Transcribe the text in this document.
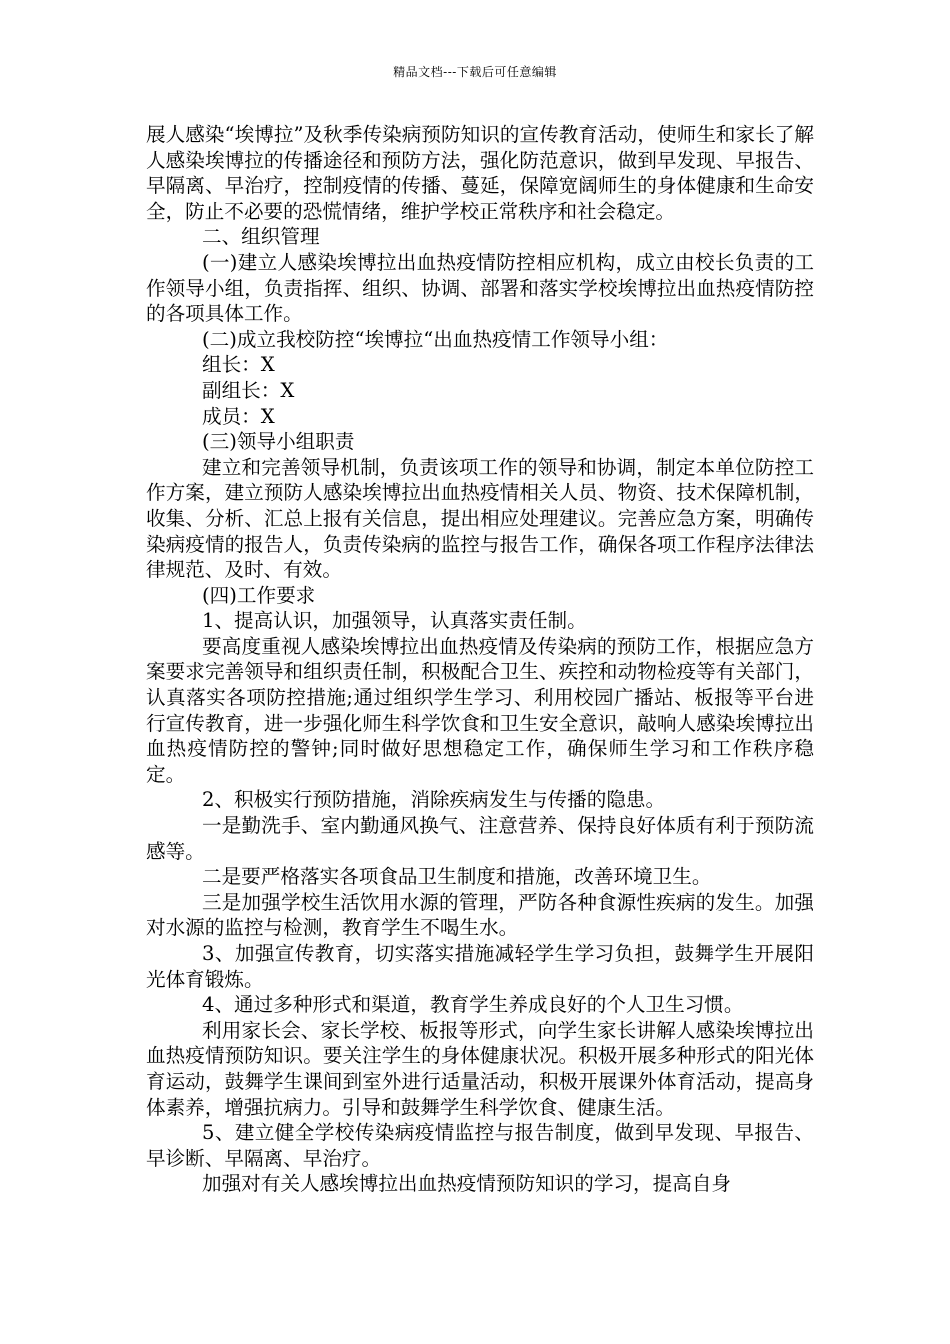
精品文档---下载后可任意编辑

展人感染“埃博拉”及秋季传染病预防知识的宣传教育活动，使师生和家长了解人感染埃博拉的传播途径和预防方法，强化防范意识，做到早发现、早报告、早隔离、早治疗，控制疫情的传播、蔓延，保障宽阔师生的身体健康和生命安全，防止不必要的恐慌情绪，维护学校正常秩序和社会稳定。

二、组织管理

(一)建立人感染埃博拉出血热疫情防控相应机构，成立由校长负责的工作领导小组，负责指挥、组织、协调、部署和落实学校埃博拉出血热疫情防控的各项具体工作。

(二)成立我校防控“埃博拉“出血热疫情工作领导小组：

组长：X

副组长：X

成员：X

(三)领导小组职责

建立和完善领导机制，负责该项工作的领导和协调，制定本单位防控工作方案，建立预防人感染埃博拉出血热疫情相关人员、物资、技术保障机制，收集、分析、汇总上报有关信息，提出相应处理建议。完善应急方案，明确传染病疫情的报告人，负责传染病的监控与报告工作，确保各项工作程序法律法律规范、及时、有效。

(四)工作要求

1、提高认识，加强领导，认真落实责任制。

要高度重视人感染埃博拉出血热疫情及传染病的预防工作，根据应急方案要求完善领导和组织责任制，积极配合卫生、疾控和动物检疫等有关部门，认真落实各项防控措施;通过组织学生学习、利用校园广播站、板报等平台进行宣传教育，进一步强化师生科学饮食和卫生安全意识，敲响人感染埃博拉出血热疫情防控的警钟;同时做好思想稳定工作，确保师生学习和工作秩序稳定。

2、积极实行预防措施，消除疾病发生与传播的隐患。

一是勤洗手、室内勤通风换气、注意营养、保持良好体质有利于预防流感等。

二是要严格落实各项食品卫生制度和措施，改善环境卫生。

三是加强学校生活饮用水源的管理，严防各种食源性疾病的发生。加强对水源的监控与检测，教育学生不喝生水。

3、加强宣传教育，切实落实措施减轻学生学习负担，鼓舞学生开展阳光体育锻炼。

4、通过多种形式和渠道，教育学生养成良好的个人卫生习惯。

利用家长会、家长学校、板报等形式，向学生家长讲解人感染埃博拉出血热疫情预防知识。要关注学生的身体健康状况。积极开展多种形式的阳光体育运动，鼓舞学生课间到室外进行适量活动，积极开展课外体育活动，提高身体素养，增强抗病力。引导和鼓舞学生科学饮食、健康生活。

5、建立健全学校传染病疫情监控与报告制度，做到早发现、早报告、早诊断、早隔离、早治疗。

加强对有关人感埃博拉出血热疫情预防知识的学习，提高自身
